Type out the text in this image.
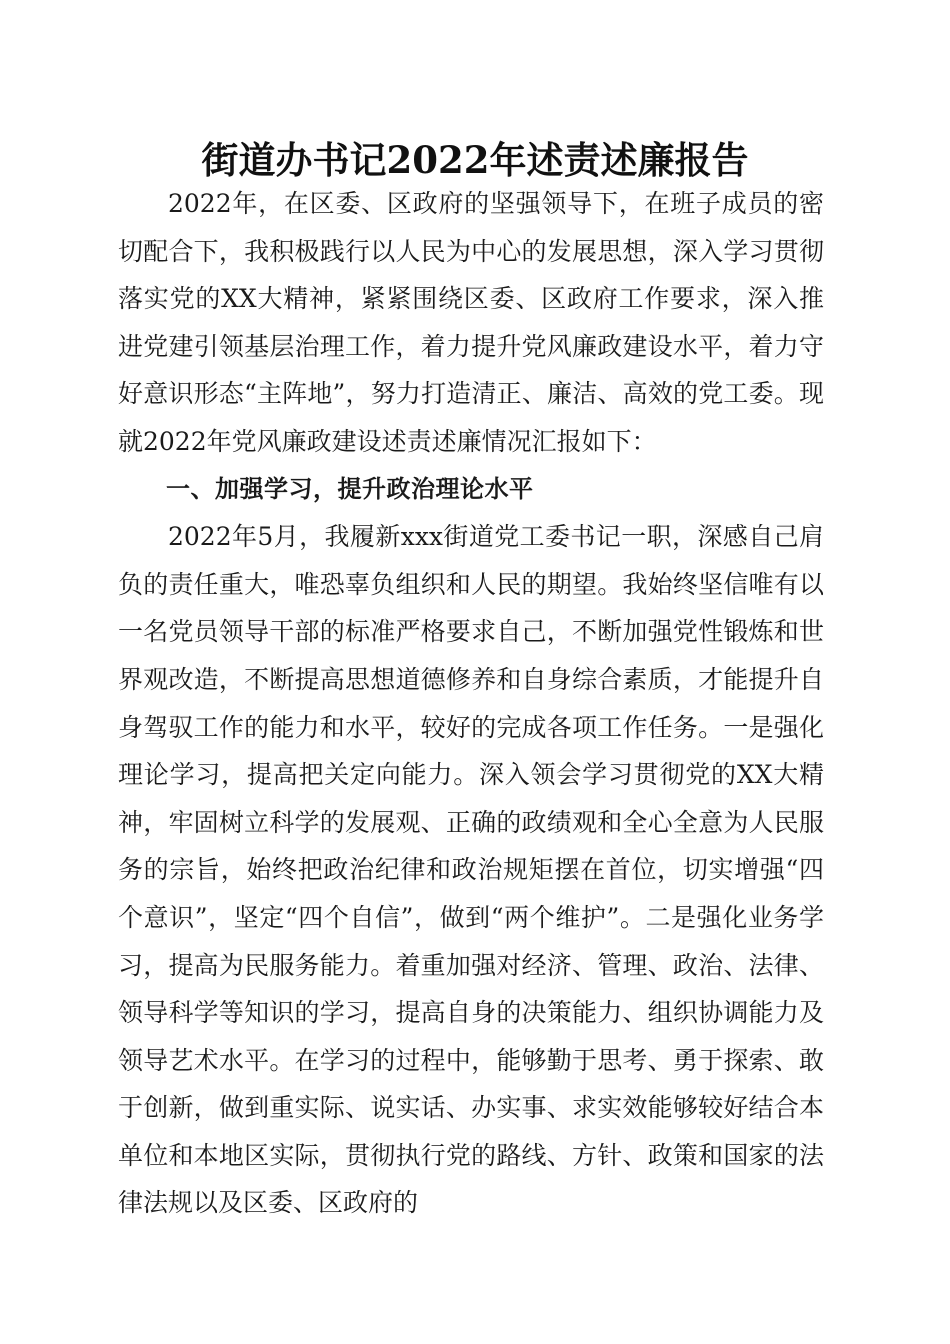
街道办书记2022年述责述廉报告

2022年，在区委、区政府的坚强领导下，在班子成员的密切配合下，我积极践行以人民为中心的发展思想，深入学习贯彻落实党的XX大精神，紧紧围绕区委、区政府工作要求，深入推进党建引领基层治理工作，着力提升党风廉政建设水平，着力守好意识形态“主阵地”，努力打造清正、廉洁、高效的党工委。现就2022年党风廉政建设述责述廉情况汇报如下：

一、加强学习，提升政治理论水平

2022年5月，我履新xxx街道党工委书记一职，深感自己肩负的责任重大，唯恐辜负组织和人民的期望。我始终坚信唯有以一名党员领导干部的标准严格要求自己，不断加强党性锻炼和世界观改造，不断提高思想道德修养和自身综合素质，才能提升自身驾驭工作的能力和水平，较好的完成各项工作任务。一是强化理论学习，提高把关定向能力。深入领会学习贯彻党的XX大精神，牢固树立科学的发展观、正确的政绩观和全心全意为人民服务的宗旨，始终把政治纪律和政治规矩摆在首位，切实增强“四个意识”，坚定“四个自信”，做到“两个维护”。二是强化业务学习，提高为民服务能力。着重加强对经济、管理、政治、法律、领导科学等知识的学习，提高自身的决策能力、组织协调能力及领导艺术水平。在学习的过程中，能够勤于思考、勇于探索、敢于创新，做到重实际、说实话、办实事、求实效能够较好结合本单位和本地区实际，贯彻执行党的路线、方针、政策和国家的法律法规以及区委、区政府的
